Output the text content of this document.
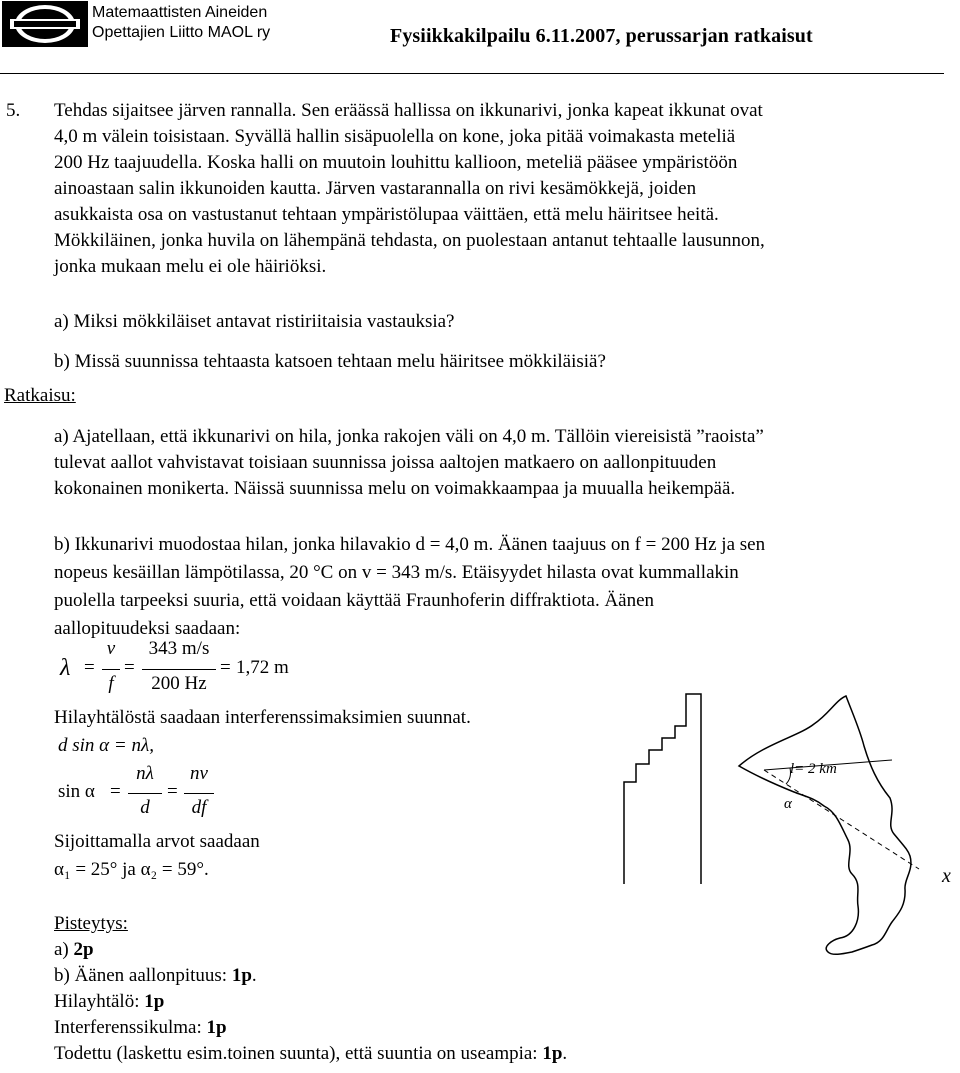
Matemaattisten Aineiden
Opettajien Liitto MAOL ry	Fysiikkakilpailu 6.11.2007, perussarjan ratkaisut
5. Tehdas sijaitsee järven rannalla. Sen eräässä hallissa on ikkunarivi, jonka kapeat ikkunat ovat
4,0 m välein toisistaan. Syvällä hallin sisäpuolella on kone, joka pitää voimakasta meteliä
200 Hz taajuudella. Koska halli on muutoin louhittu kallioon, meteliä pääsee ympäristöön
ainoastaan salin ikkunoiden kautta. Järven vastarannalla on rivi kesämökkejä, joiden
asukkaista osa on vastustanut tehtaan ympäristölupaa väittäen, että melu häiritsee heitä.
Mökkiläinen, jonka huvila on lähempänä tehdasta, on puolestaan antanut tehtaalle lausunnon,
jonka mukaan melu ei ole häiriöksi.
a) Miksi mökkiläiset antavat ristiriitaisia vastauksia?
b) Missä suunnissa tehtaasta katsoen tehtaan melu häiritsee mökkiläisiä?
Ratkaisu:
a) Ajatellaan, että ikkunarivi on hila, jonka rakojen väli on 4,0 m. Tällöin viereisistä ”raoista”
tulevat aallot vahvistavat toisiaan suunnissa joissa aaltojen matkaero on aallonpituuden
kokonainen monikerta. Näissä suunnissa melu on voimakkaampaa ja muualla heikempää.
b) Ikkunarivi muodostaa hilan, jonka hilavakio d = 4,0 m. Äänen taajuus on f = 200 Hz ja sen
nopeus kesäillan lämpötilassa, 20 °C on v = 343 m/s. Etäisyydet hilasta ovat kummallakin
puolella tarpeeksi suuria, että voidaan käyttää Fraunhoferin diffraktiota. Äänen
aallopituudeksi saadaan:
λ =
v
f
=
343 m/s
200 Hz
= 1,72 m
Hilayhtälöstä saadaan interferenssimaksimien suunnat.
d sin α = nλ,
sin α =
nλ
d
=
nv
df
Sijoittamalla arvot saadaan
α₁ = 25° ja α₂ = 59°.
Pisteytys:
a) 2p
b) Äänen aallonpituus: 1p.
Hilayhtälö: 1p
Interferenssikulma: 1p
Todettu (laskettu esim.toinen suunta), että suuntia on useampia: 1p.
l= 2 km
α
x
